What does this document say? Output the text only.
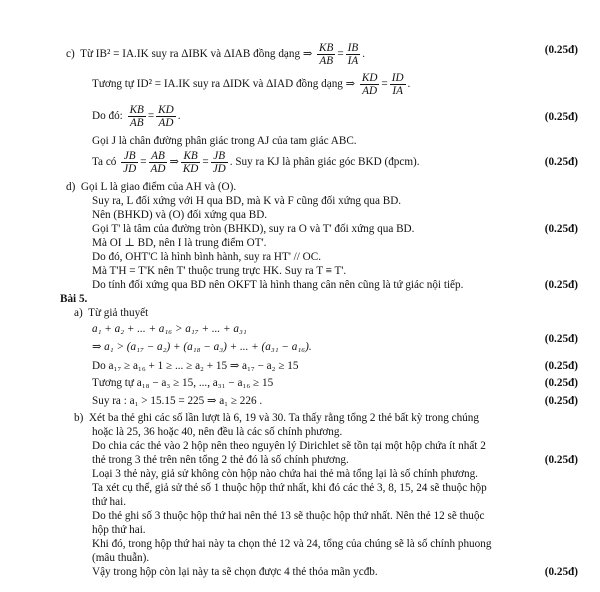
c) Từ IB² = IA.IK suy ra ΔIBK và ΔIAB đồng dạng ⇒ $\frac{KB}{AB} = \frac{IB}{IA}$ .	(0.25đ)
Tương tự ID² = IA.IK suy ra ΔIDK và ΔIAD đồng dạng ⇒ $\frac{KD}{AD} = \frac{ID}{IA}$ .
Do đó: $\frac{KB}{AB} = \frac{KD}{AD}$ .	(0.25đ)
Gọi J là chân đường phân giác trong AJ của tam giác ABC.
Ta có $\frac{JB}{JD} = \frac{AB}{AD}$ ⇒ $\frac{KB}{KD} = \frac{JB}{JD}$ . Suy ra KJ là phân giác góc BKD (đpcm).	(0.25đ)
d) Gọi L là giao điểm của AH và (O).
Suy ra, L đối xứng với H qua BD, mà K và F cũng đối xứng qua BD.
Nên (BHKD) và (O) đối xứng qua BD.
Gọi T' là tâm của đường tròn (BHKD), suy ra O và T' đối xứng qua BD.	(0.25đ)
Mà OI ⊥ BD, nên I là trung điểm OT'.
Do đó, OHT'C là hình bình hành, suy ra HT' // OC.
Mà T'H = T'K nên T' thuộc trung trực HK. Suy ra T ≡ T'.
Do tính đối xứng qua BD nên OKFT là hình thang cân nên cũng là tứ giác nội tiếp.	(0.25đ)
Bài 5.
a) Từ giả thuyết
a₁ + a₂ + ... + a₁₆ > a₁₇ + ... + a₃₁
⇒ a₁ > (a₁₇ − a₂) + (a₁₈ − a₃) + ... + (a₃₁ − a₁₆).
(0.25đ)
Do a₁₇ ≥ a₁₆ + 1 ≥ ... ≥ a₂ + 15 ⇒ a₁₇ − a₂ ≥ 15	(0.25đ)
Tương tự a₁₈ − a₃ ≥ 15, ..., a₃₁ − a₁₆ ≥ 15	(0.25đ)
Suy ra : a₁ > 15.15 = 225 ⇒ a₁ ≥ 226 .	(0.25đ)
b) Xét ba thẻ ghi các số lần lượt là 6, 19 và 30. Ta thấy rằng tổng 2 thẻ bất kỳ trong chúng
hoặc là 25, 36 hoặc 40, nên đều là các số chính phương.
Do chia các thẻ vào 2 hộp nên theo nguyên lý Dirichlet sẽ tồn tại một hộp chứa ít nhất 2
thẻ trong 3 thẻ trên nên tổng 2 thẻ đó là số chính phương.	(0.25đ)
Loại 3 thẻ này, giả sử không còn hộp nào chứa hai thẻ mà tổng lại là số chính phương.
Ta xét cụ thể, giả sử thẻ số 1 thuộc hộp thứ nhất, khi đó các thẻ 3, 8, 15, 24 sẽ thuộc hộp
thứ hai.
Do thẻ ghi số 3 thuộc hộp thứ hai nên thẻ 13 sẽ thuộc hộp thứ nhất. Nên thẻ 12 sẽ thuộc
hộp thứ hai.
Khi đó, trong hộp thứ hai này ta chọn thẻ 12 và 24, tổng của chúng sẽ là số chính phuong
(mâu thuẫn).
Vậy trong hộp còn lại này ta sẽ chọn được 4 thẻ thỏa mãn ycđb.	(0.25đ)
